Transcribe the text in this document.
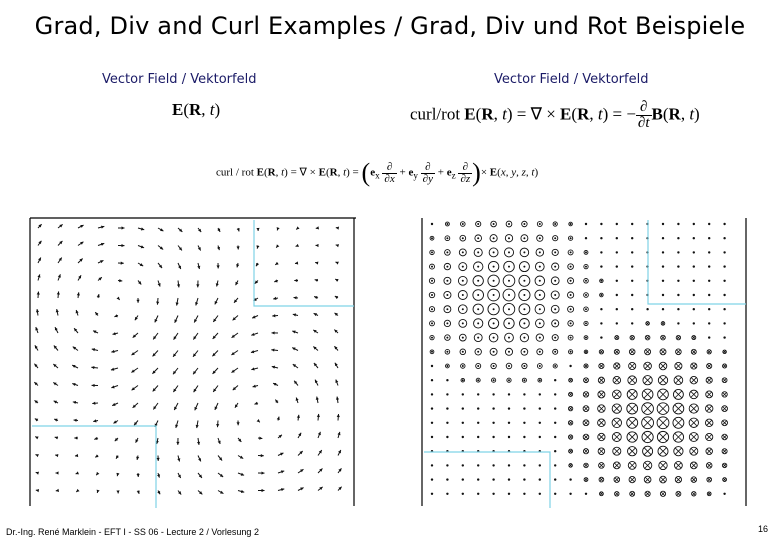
Grad, Div and Curl Examples / Grad, Div und Rot Beispiele
Vector Field / Vektorfeld	Vector Field / Vektorfeld
E(R, t)	curl/rot E(R, t) = ∇ × E(R, t) = − $\frac{\partial}{\partial t} B(R$, t)
curl / rot E(R, t) = ∇ × E(R, $t) = (e_x \frac{\partial}{\partial x} + e_y \frac{\partial}{\partial y} + e_z \frac{\partial}{\partial z}$ )× E(x, y, z, t)
Dr.-Ing. René Marklein - EFT I - SS 06 - Lecture 2 / Vorlesung 2	16
